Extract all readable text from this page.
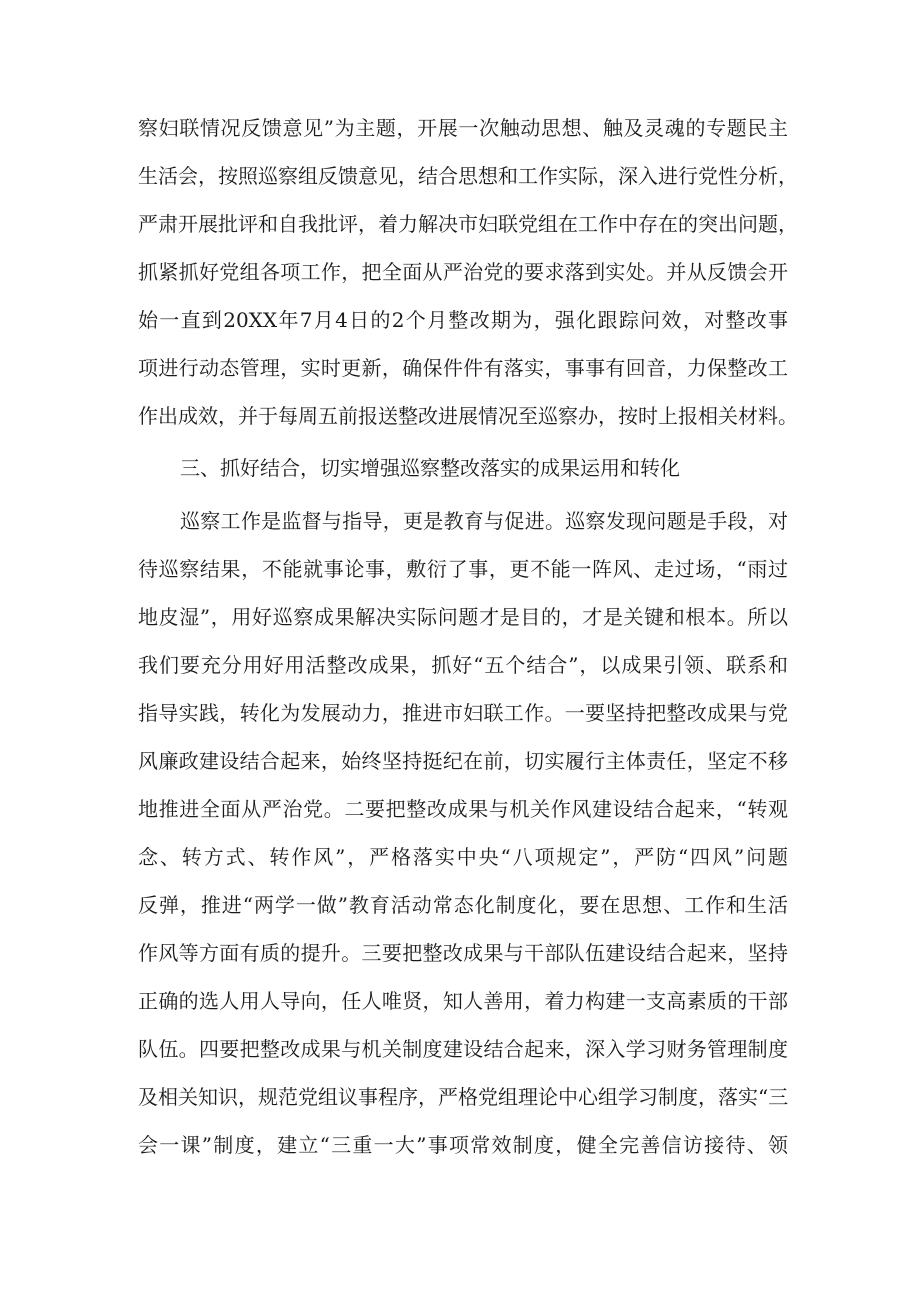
察妇联情况反馈意见”为主题，开展一次触动思想、触及灵魂的专题民主
生活会，按照巡察组反馈意见，结合思想和工作实际，深入进行党性分析，
严肃开展批评和自我批评，着力解决市妇联党组在工作中存在的突出问题，
抓紧抓好党组各项工作，把全面从严治党的要求落到实处。并从反馈会开
始一直到20XX年7月4日的2个月整改期为，强化跟踪问效，对整改事
项进行动态管理，实时更新，确保件件有落实，事事有回音，力保整改工
作出成效，并于每周五前报送整改进展情况至巡察办，按时上报相关材料。
三、抓好结合，切实增强巡察整改落实的成果运用和转化
巡察工作是监督与指导，更是教育与促进。巡察发现问题是手段，对
待巡察结果，不能就事论事，敷衍了事，更不能一阵风、走过场，“雨过
地皮湿”，用好巡察成果解决实际问题才是目的，才是关键和根本。所以
我们要充分用好用活整改成果，抓好“五个结合”，以成果引领、联系和
指导实践，转化为发展动力，推进市妇联工作。一要坚持把整改成果与党
风廉政建设结合起来，始终坚持挺纪在前，切实履行主体责任，坚定不移
地推进全面从严治党。二要把整改成果与机关作风建设结合起来，“转观
念、转方式、转作风”，严格落实中央“八项规定”，严防“四风”问题
反弹，推进“两学一做”教育活动常态化制度化，要在思想、工作和生活
作风等方面有质的提升。三要把整改成果与干部队伍建设结合起来，坚持
正确的选人用人导向，任人唯贤，知人善用，着力构建一支高素质的干部
队伍。四要把整改成果与机关制度建设结合起来，深入学习财务管理制度
及相关知识，规范党组议事程序，严格党组理论中心组学习制度，落实“三
会一课”制度，建立“三重一大”事项常效制度，健全完善信访接待、领
